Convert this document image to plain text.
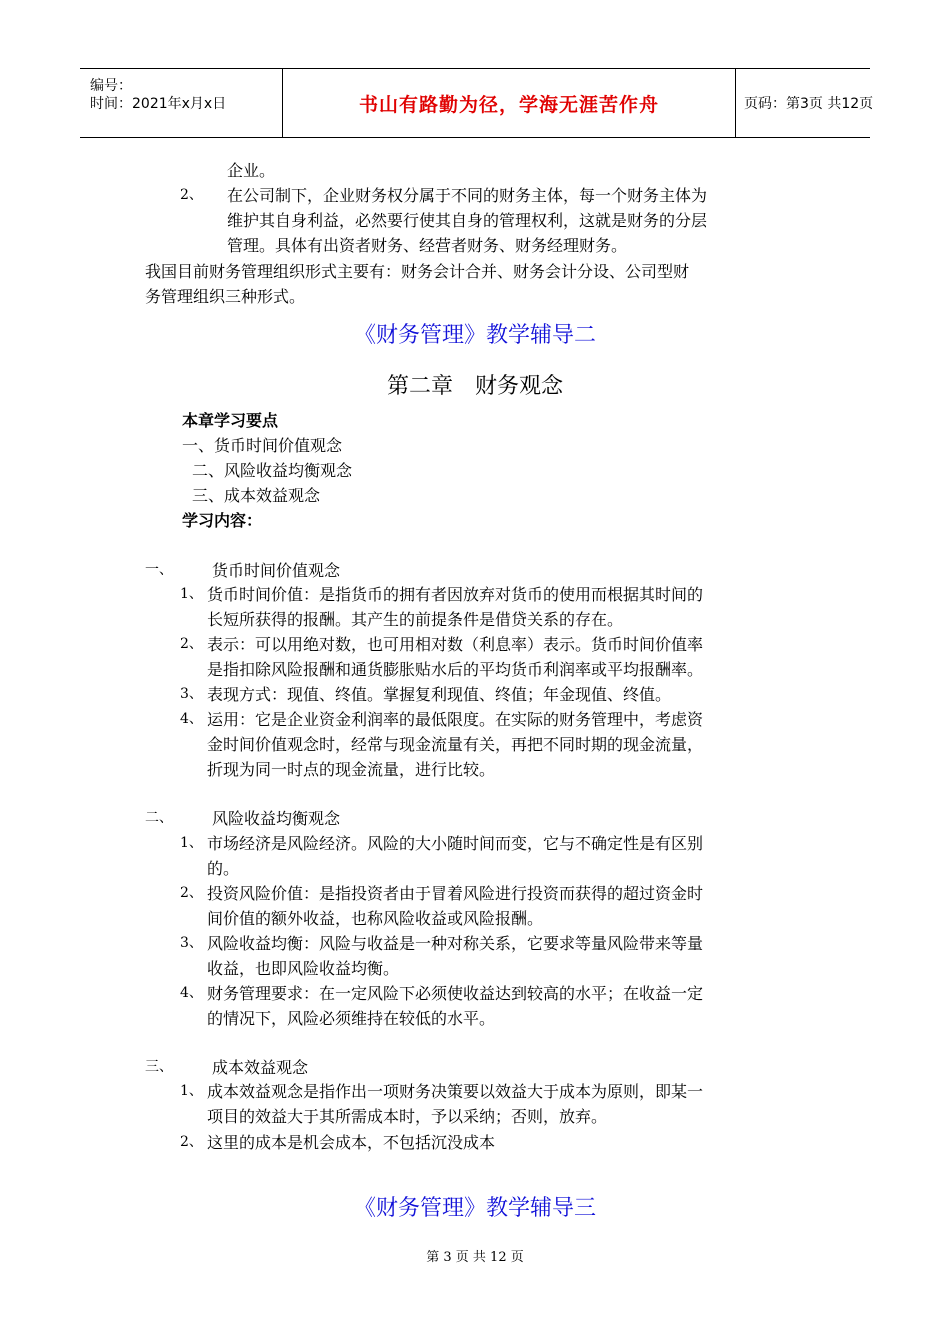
编号：
时间：2021年x月x日	书山有路勤为径，学海无涯苦作舟	页码：第3页 共12页
企业。
2、 在公司制下，企业财务权分属于不同的财务主体，每一个财务主体为
维护其自身利益，必然要行使其自身的管理权利，这就是财务的分层
管理。具体有出资者财务、经营者财务、财务经理财务。
我国目前财务管理组织形式主要有：财务会计合并、财务会计分设、公司型财
务管理组织三种形式。
《财务管理》教学辅导二
第二章　财务观念
本章学习要点
一、货币时间价值观念
二、风险收益均衡观念
三、成本效益观念
学习内容：
一、 货币时间价值观念
1、 货币时间价值：是指货币的拥有者因放弃对货币的使用而根据其时间的
长短所获得的报酬。其产生的前提条件是借贷关系的存在。
2、 表示：可以用绝对数，也可用相对数（利息率）表示。货币时间价值率
是指扣除风险报酬和通货膨胀贴水后的平均货币利润率或平均报酬率。
3、 表现方式：现值、终值。掌握复利现值、终值；年金现值、终值。
4、 运用：它是企业资金利润率的最低限度。在实际的财务管理中，考虑资
金时间价值观念时，经常与现金流量有关，再把不同时期的现金流量，
折现为同一时点的现金流量，进行比较。
二、 风险收益均衡观念
1、 市场经济是风险经济。风险的大小随时间而变，它与不确定性是有区别
的。
2、 投资风险价值：是指投资者由于冒着风险进行投资而获得的超过资金时
间价值的额外收益，也称风险收益或风险报酬。
3、 风险收益均衡：风险与收益是一种对称关系，它要求等量风险带来等量
收益，也即风险收益均衡。
4、 财务管理要求：在一定风险下必须使收益达到较高的水平；在收益一定
的情况下，风险必须维持在较低的水平。
三、 成本效益观念
1、 成本效益观念是指作出一项财务决策要以效益大于成本为原则，即某一
项目的效益大于其所需成本时，予以采纳；否则，放弃。
2、 这里的成本是机会成本，不包括沉没成本
《财务管理》教学辅导三
第 3 页 共 12 页
